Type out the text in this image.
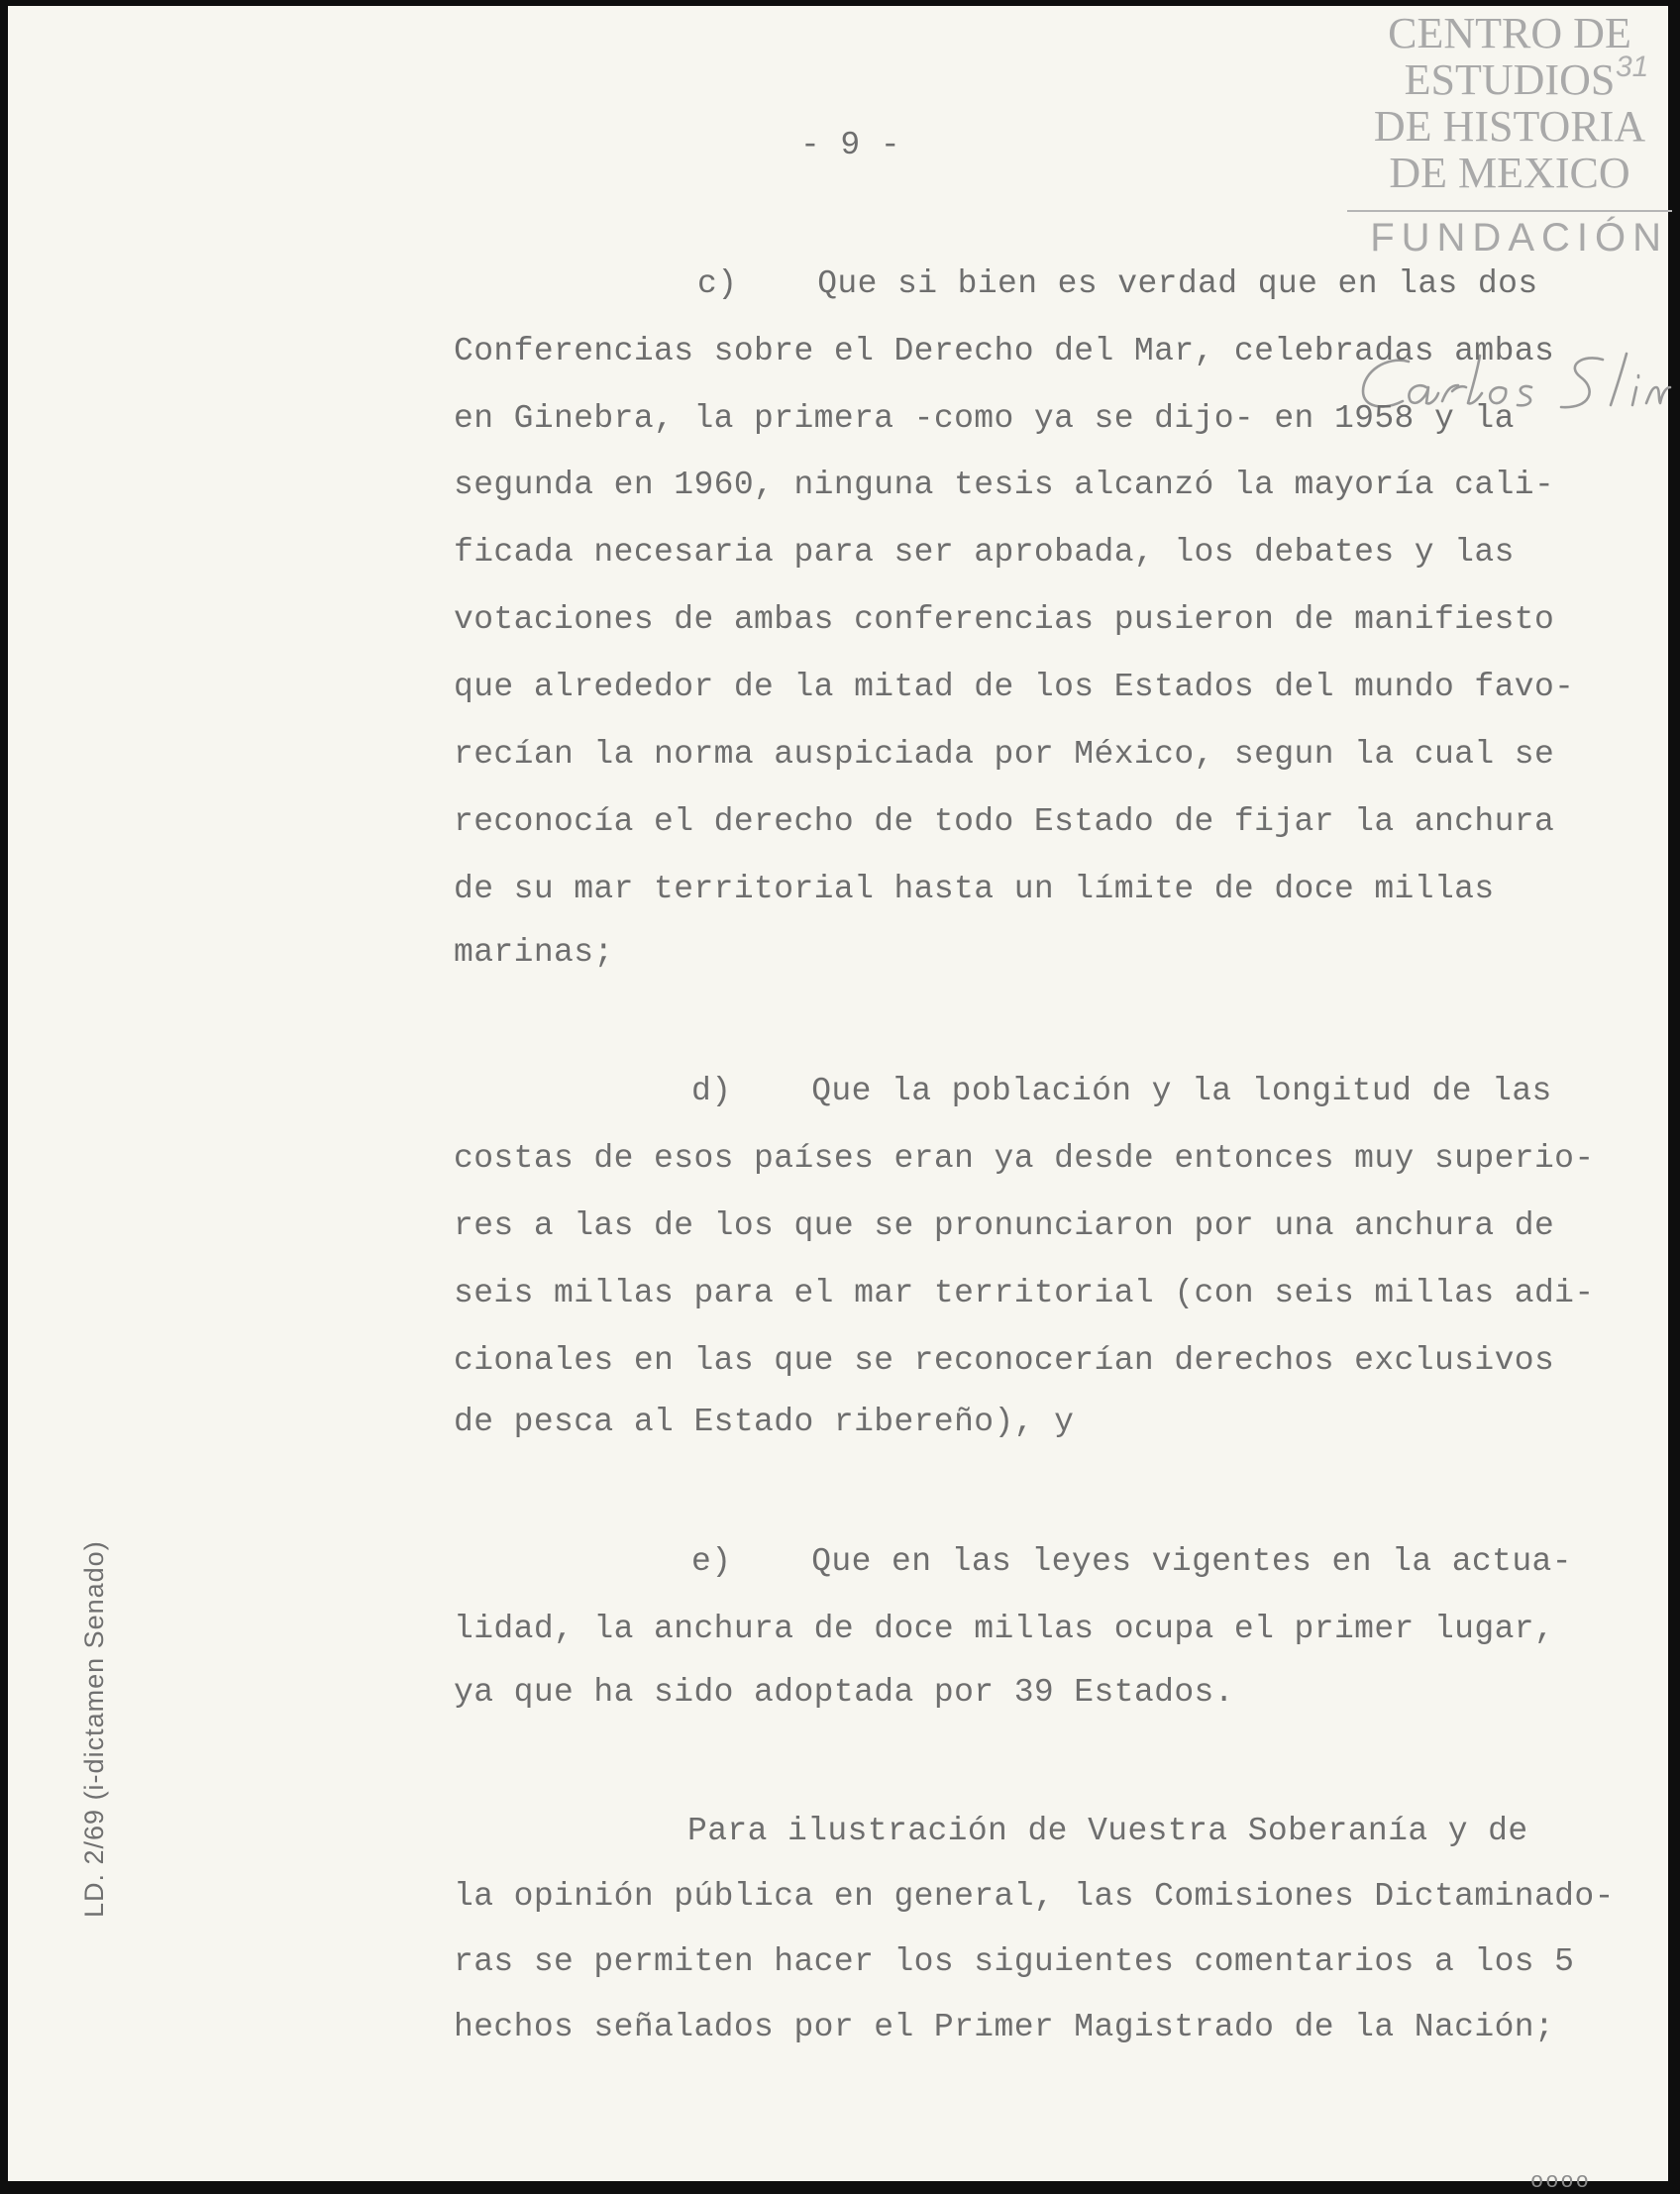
CENTRO DE
ESTUDIOS
DE HISTORIA
DE MEXICO
FUNDACIÓN
31
- 9 -
c)    Que si bien es verdad que en las dos
Conferencias sobre el Derecho del Mar, celebradas ambas
en Ginebra, la primera -como ya se dijo- en 1958 y la
segunda en 1960, ninguna tesis alcanzó la mayoría cali-
ficada necesaria para ser aprobada, los debates y las
votaciones de ambas conferencias pusieron de manifiesto
que alrededor de la mitad de los Estados del mundo favo-
recían la norma auspiciada por México, segun la cual se
reconocía el derecho de todo Estado de fijar la anchura
de su mar territorial hasta un límite de doce millas
marinas;
d)    Que la población y la longitud de las
costas de esos países eran ya desde entonces muy superio-
res a las de los que se pronunciaron por una anchura de
seis millas para el mar territorial (con seis millas adi-
cionales en las que se reconocerían derechos exclusivos
de pesca al Estado ribereño), y
e)    Que en las leyes vigentes en la actua-
lidad, la anchura de doce millas ocupa el primer lugar,
ya que ha sido adoptada por 39 Estados.
Para ilustración de Vuestra Soberanía y de
la opinión pública en general, las Comisiones Dictaminado-
ras se permiten hacer los siguientes comentarios a los 5
hechos señalados por el Primer Magistrado de la Nación;
LD. 2/69 (i-dictamen Senado)
oooo
